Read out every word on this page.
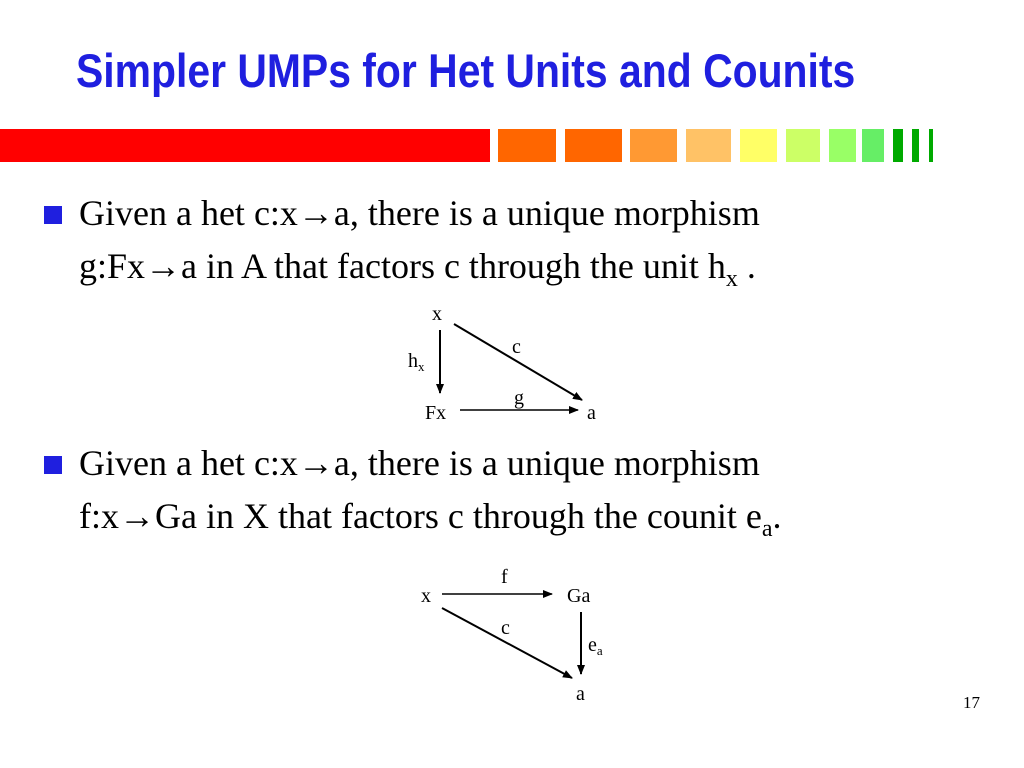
Simpler UMPs for Het Units and Counits
Given a het c:x→a, there is a unique morphism
g:Fx→a in A that factors c through the unit $h_x$ .
x
c
$h_x$
g
Fx	a
Given a het c:x→a, there is a unique morphism
f:x→Ga in X that factors c through the counit $e_a$.
f
x	Ga
c
$e_a$
a	17
